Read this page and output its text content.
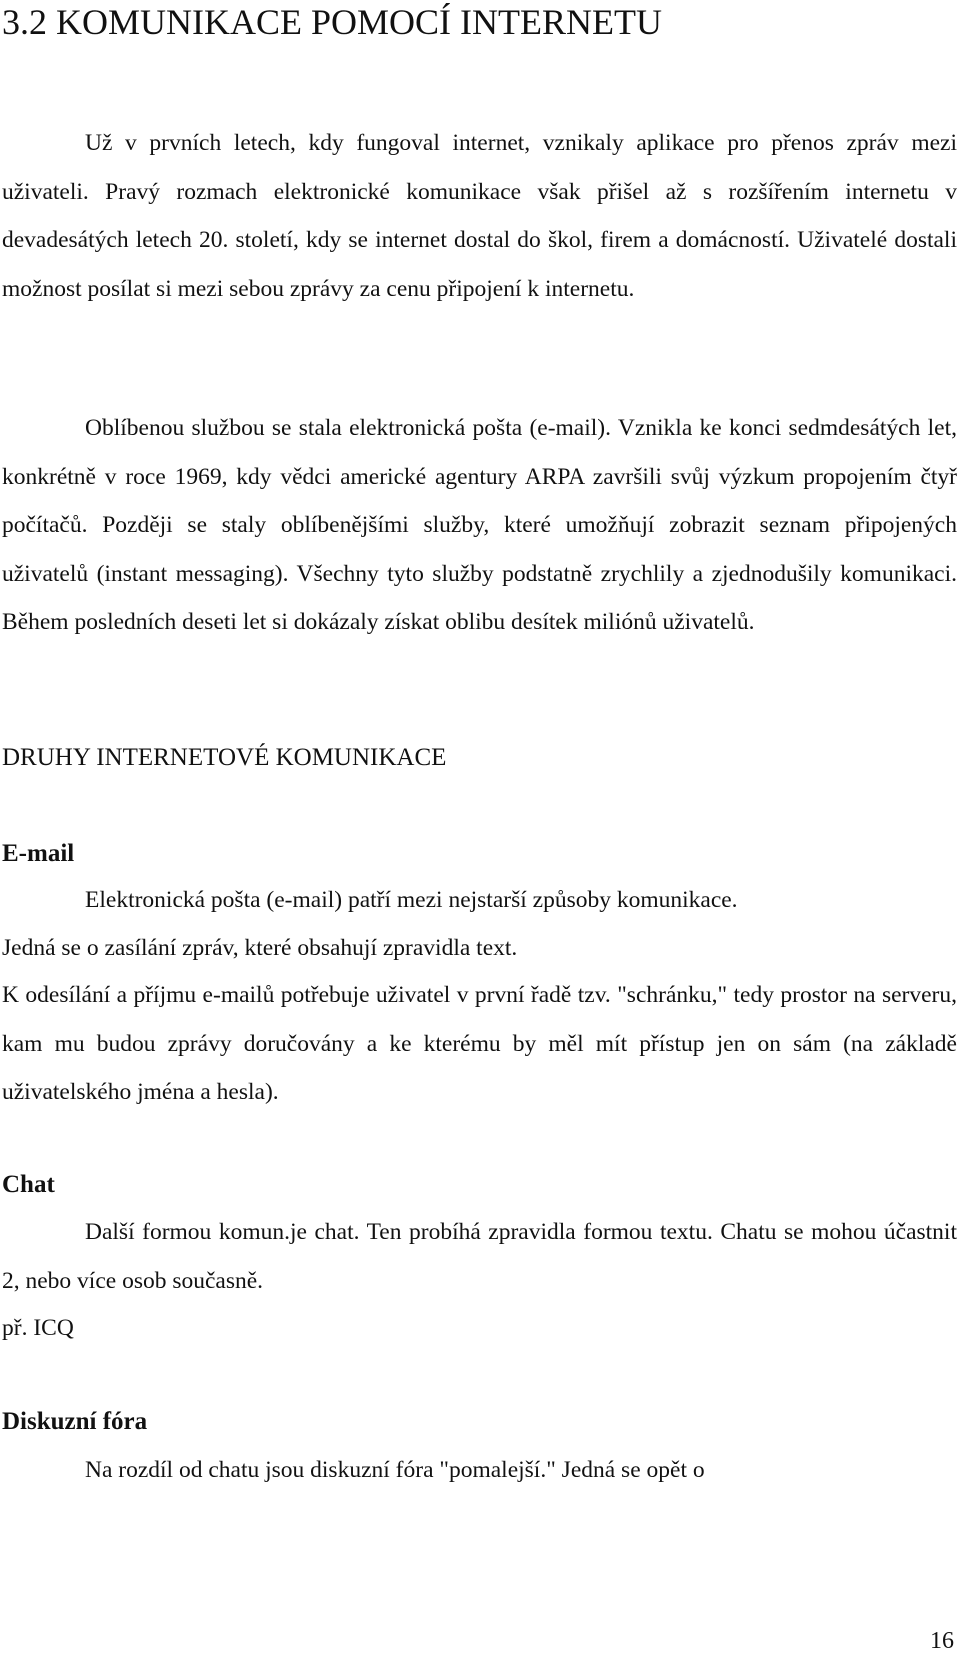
3.2 KOMUNIKACE POMOCÍ INTERNETU

Už v prvních letech, kdy fungoval internet, vznikaly aplikace pro přenos zpráv mezi uživateli. Pravý rozmach elektronické komunikace však přišel až s rozšířením internetu v devadesátých letech 20. století, kdy se internet dostal do škol, firem a domácností. Uživatelé dostali možnost posílat si mezi sebou zprávy za cenu připojení k internetu.

Oblíbenou službou se stala elektronická pošta (e-mail). Vznikla ke konci sedmdesátých let, konkrétně v roce 1969, kdy vědci americké agentury ARPA završili svůj výzkum propojením čtyř počítačů. Později se staly oblíbenějšími služby, které umožňují zobrazit seznam připojených uživatelů (instant messaging). Všechny tyto služby podstatně zrychlily a zjednodušily komunikaci. Během posledních deseti let si dokázaly získat oblibu desítek miliónů uživatelů.

DRUHY INTERNETOVÉ KOMUNIKACE
E-mail

Elektronická pošta (e-mail) patří mezi nejstarší způsoby komunikace.

Jedná se o zasílání zpráv, které obsahují zpravidla text.

K odesílání a příjmu e-mailů potřebuje uživatel v první řadě tzv. "schránku," tedy prostor na serveru, kam mu budou zprávy doručovány a ke kterému by měl mít přístup jen on sám (na základě uživatelského jména a hesla).

Chat

Další formou komun.je chat. Ten probíhá zpravidla formou textu. Chatu se mohou účastnit 2, nebo více osob současně.

př. ICQ

Diskuzní fóra

Na rozdíl od chatu jsou diskuzní fóra "pomalejší." Jedná se opět o

16
